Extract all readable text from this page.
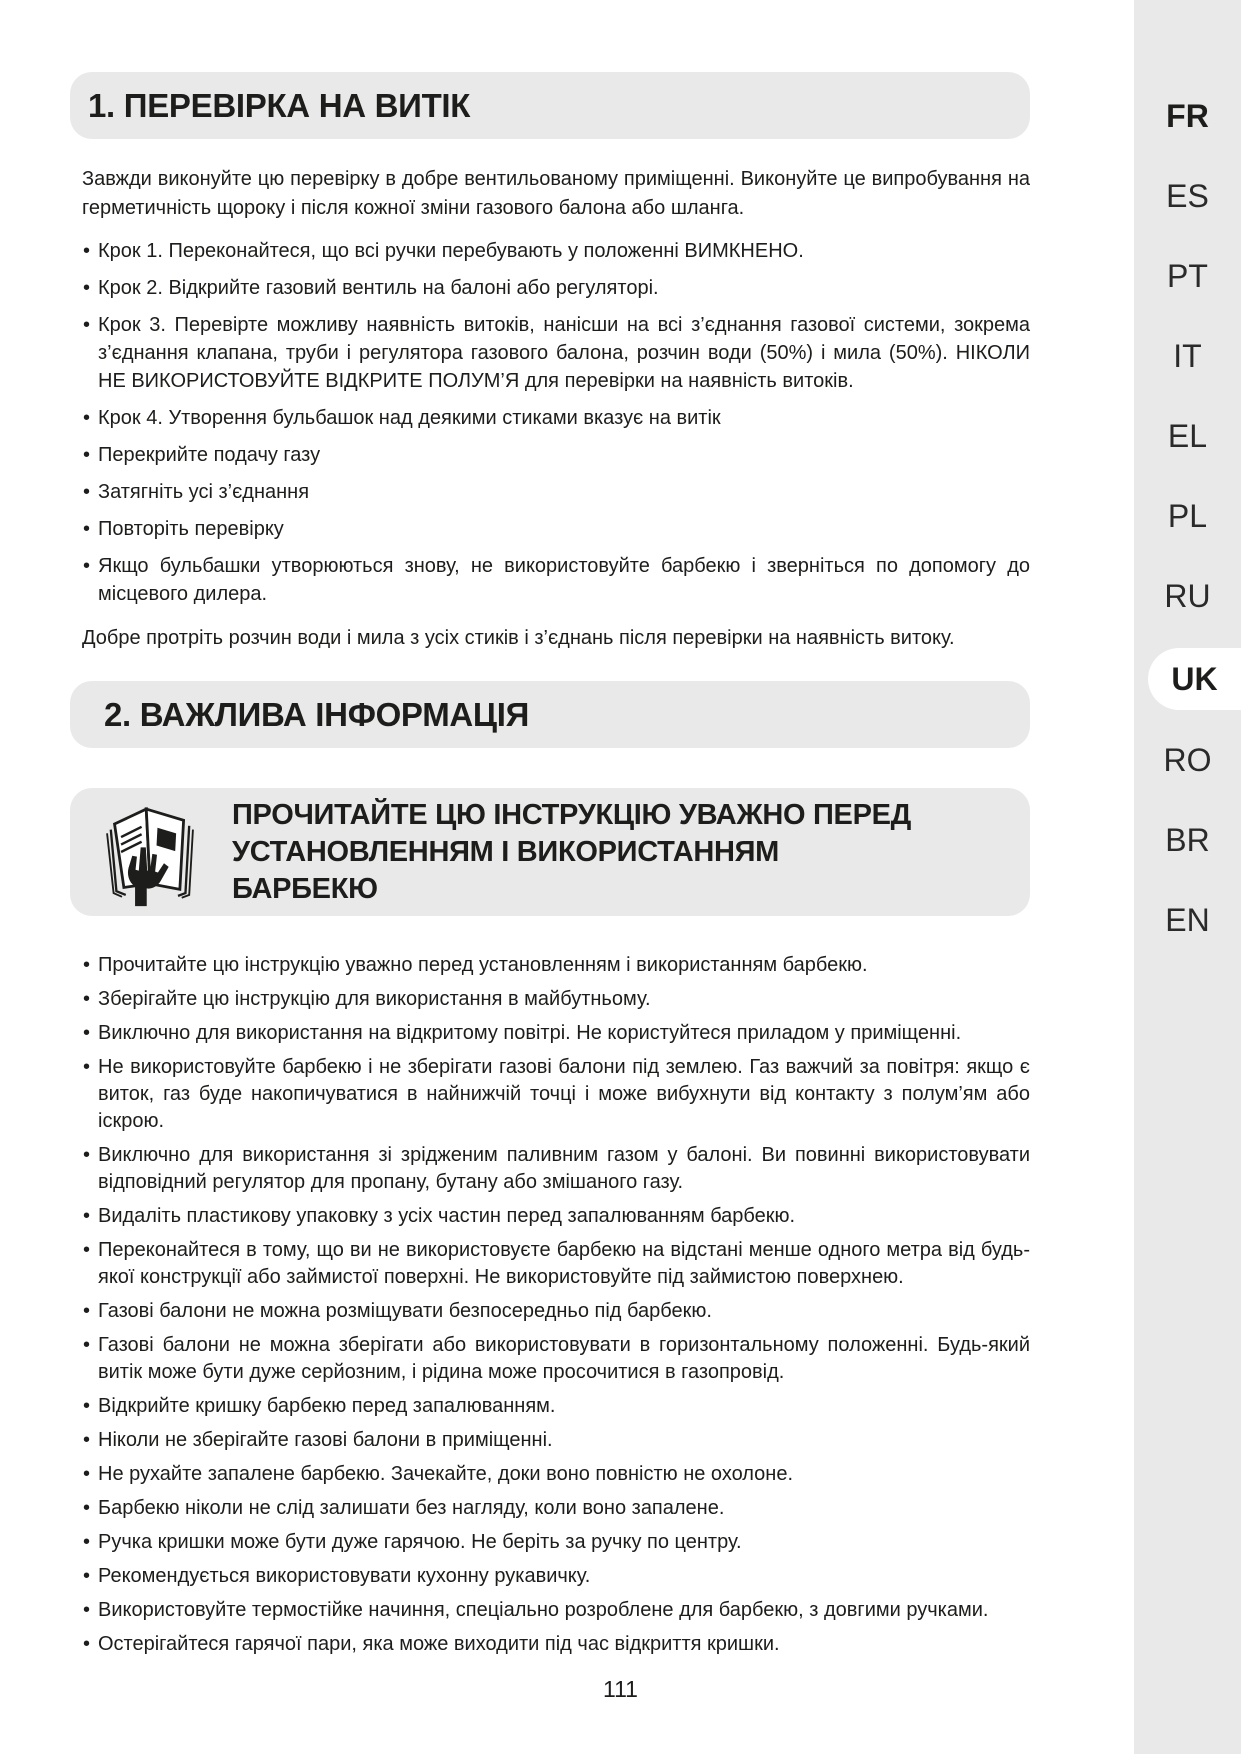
1. ПЕРЕВІРКА НА ВИТІК

Завжди виконуйте цю перевірку в добре вентильованому приміщенні. Виконуйте це випробування на герметичність щороку і після кожної зміни газового балона або шланга.

• Крок 1. Переконайтеся, що всі ручки перебувають у положенні ВИМКНЕНО.
• Крок 2. Відкрийте газовий вентиль на балоні або регуляторі.
• Крок 3. Перевірте можливу наявність витоків, нанісши на всі з’єднання газової системи, зокрема з’єднання клапана, труби і регулятора газового балона, розчин води (50%) і мила (50%). НІКОЛИ НЕ ВИКОРИСТОВУЙТЕ ВІДКРИТЕ ПОЛУМ’Я для перевірки на наявність витоків.
• Крок 4. Утворення бульбашок над деякими стиками вказує на витік
• Перекрийте подачу газу
• Затягніть усі з’єднання
• Повторіть перевірку
• Якщо бульбашки утворюються знову, не використовуйте барбекю і зверніться по допомогу до місцевого дилера.

Добре протріть розчин води і мила з усіх стиків і з’єднань після перевірки на наявність витоку.

2. ВАЖЛИВА ІНФОРМАЦІЯ
ПРОЧИТАЙТЕ ЦЮ ІНСТРУКЦІЮ УВАЖНО ПЕРЕД УСТАНОВЛЕННЯМ І ВИКОРИСТАННЯМ БАРБЕКЮ
• Прочитайте цю інструкцію уважно перед установленням і використанням барбекю.
• Зберігайте цю інструкцію для використання в майбутньому.
• Виключно для використання на відкритому повітрі. Не користуйтеся приладом у приміщенні.
• Не використовуйте барбекю і не зберігати газові балони під землею. Газ важчий за повітря: якщо є виток, газ буде накопичуватися в найнижчій точці і може вибухнути від контакту з полум’ям або іскрою.
• Виключно для використання зі зрідженим паливним газом у балоні. Ви повинні використовувати відповідний регулятор для пропану, бутану або змішаного газу.
• Видаліть пластикову упаковку з усіх частин перед запалюванням барбекю.
• Переконайтеся в тому, що ви не використовуєте барбекю на відстані менше одного метра від будь-якої конструкції або займистої поверхні. Не використовуйте під займистою поверхнею.
• Газові балони не можна розміщувати безпосередньо під барбекю.
• Газові балони не можна зберігати або використовувати в горизонтальному положенні. Будь-який витік може бути дуже серйозним, і рідина може просочитися в газопровід.
• Відкрийте кришку барбекю перед запалюванням.
• Ніколи не зберігайте газові балони в приміщенні.
• Не рухайте запалене барбекю. Зачекайте, доки воно повністю не охолоне.
• Барбекю ніколи не слід залишати без нагляду, коли воно запалене.
• Ручка кришки може бути дуже гарячою. Не беріть за ручку по центру.
• Рекомендується використовувати кухонну рукавичку.
• Використовуйте термостійке начиння, спеціально розроблене для барбекю, з довгими ручками.
• Остерігайтеся гарячої пари, яка може виходити під час відкриття кришки.
FR
ES
PT
IT
EL
PL
RU
UK
RO
BR
EN
111
